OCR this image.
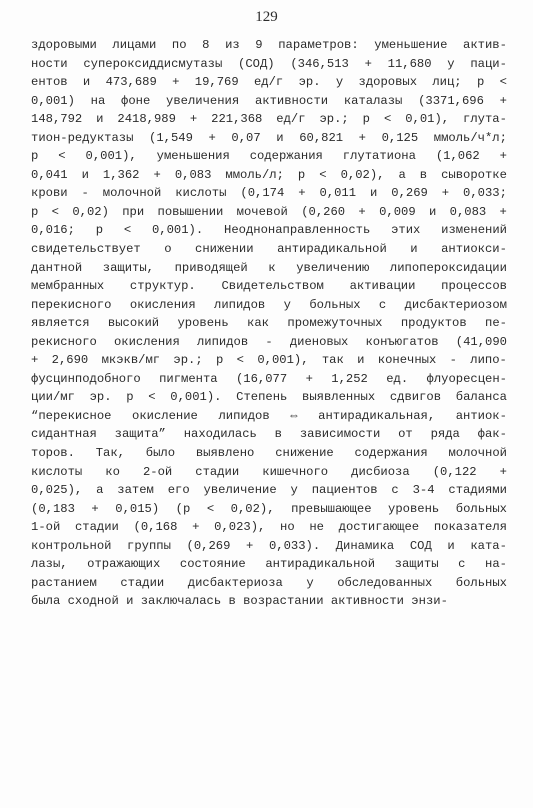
129
здоровыми лицами по 8 из 9 параметров: уменьшение актив-
ности супероксиддисмутазы (СОД) (346,513 + 11,680 у паци-
ентов и 473,689 + 19,769 ед/г эр. у здоровых лиц; р <
0,001) на фоне увеличения активности каталазы (3371,696 +
148,792 и 2418,989 + 221,368 ед/г эр.; р < 0,01), глута-
тион-редуктазы (1,549 + 0,07 и 60,821 + 0,125 ммоль/ч*л;
р < 0,001), уменьшения содержания глутатиона (1,062 +
0,041 и 1,362 + 0,083 ммоль/л; р < 0,02), а в сыворотке
крови - молочной кислоты (0,174 + 0,011 и 0,269 + 0,033;
р < 0,02) при повышении мочевой (0,260 + 0,009 и 0,083 +
0,016; р < 0,001). Неоднонаправленность этих изменений
свидетельствует о снижении антирадикальной и антиокси-
дантной защиты, приводящей к увеличению липопероксидации
мембранных структур. Свидетельством активации процессов
перекисного окисления липидов у больных с дисбактериозом
является высокий уровень как промежуточных продуктов пе-
рекисного окисления липидов - диеновых конъюгатов (41,090
+ 2,690 мкэкв/мг эр.; р < 0,001), так и конечных - липо-
фусцинподобного пигмента (16,077 + 1,252 ед. флуоресцен-
ции/мг эр. р < 0,001). Степень выявленных сдвигов баланса
“перекисное окисление липидов ⇔ антирадикальная, антиок-
сидантная защита” находилась в зависимости от ряда фак-
торов. Так, было выявлено снижение содержания молочной
кислоты ко 2-ой стадии кишечного дисбиоза (0,122 +
0,025), а затем его увеличение у пациентов с 3-4 стадиями
(0,183 + 0,015) (р < 0,02), превышающее уровень больных
1-ой стадии (0,168 + 0,023), но не достигающее показателя
контрольной группы (0,269 + 0,033). Динамика СОД и ката-
лазы, отражающих состояние антирадикальной защиты с на-
растанием стадии дисбактериоза у обследованных больных
была сходной и заключалась в возрастании активности энзи-
